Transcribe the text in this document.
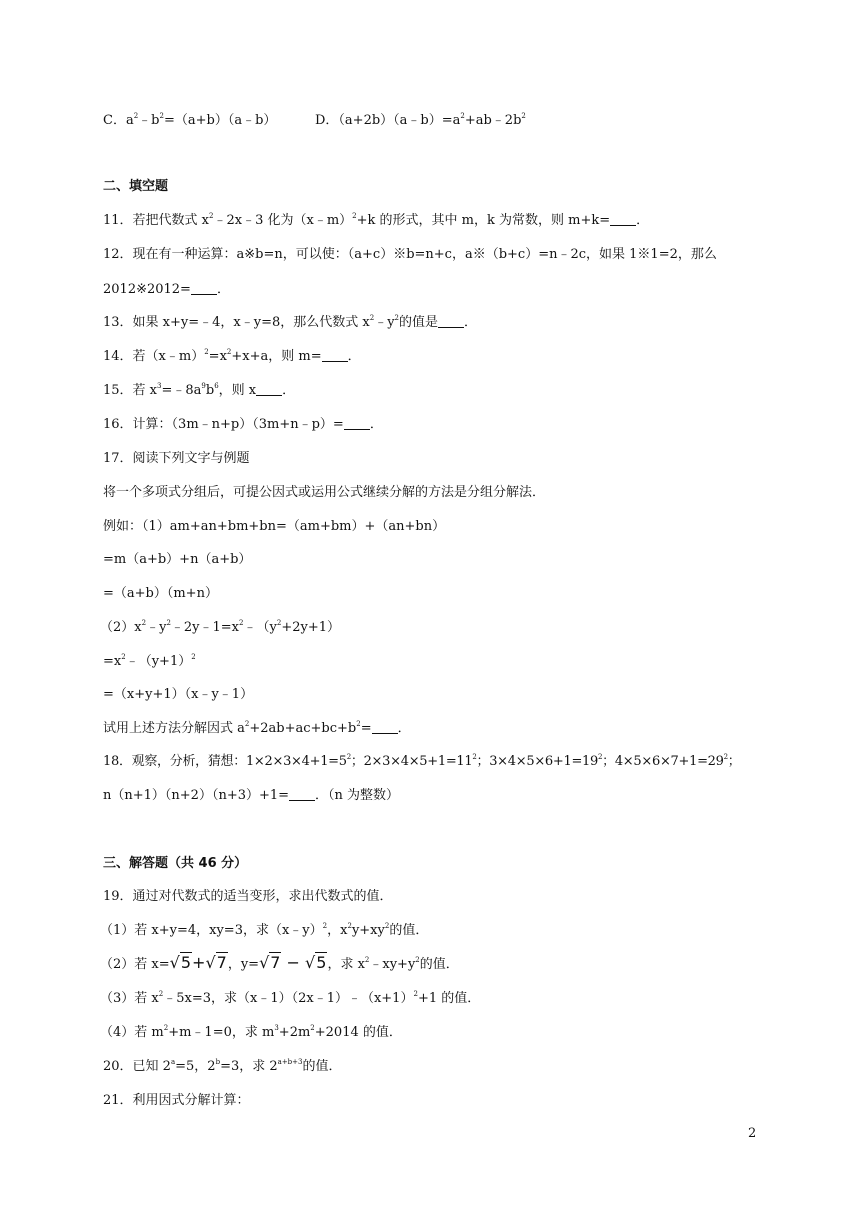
C．$a^2﹣b^2=(a+b)(a﹣b)$	D．$(a+2b)(a﹣b)=a^2+ab﹣2b^2$
二、填空题
11．若把代数式 $x^2﹣2x﹣3$ 化为（x﹣m）$^2$+k 的形式，其中 m，k 为常数，则 m+k= ．
12．现在有一种运算：a※b=n，可以使：（a+c）※b=n+c，a※（b+c）=n﹣2c，如果 1※1=2，那么
2012※2012= ．
13．如果 x+y=﹣4，x﹣y=8，那么代数式 $x^2﹣y^2$的值是 ．
14．若$(x﹣m)^2=x^2+x+a$，则 m= ．
15．若 $x^3=﹣8a^9b^6$，则 x ．
16．计算：（3m﹣n+p）（3m+n﹣p）= ．
17．阅读下列文字与例题
将一个多项式分组后，可提公因式或运用公式继续分解的方法是分组分解法．
例如：（1）am+an+bm+bn=（am+bm）+（an+bn）
=m（a+b）+n（a+b）
=（a+b）（m+n）
$(2)x^2﹣y^2﹣2y﹣1=x^2﹣(y^2+2y+1)$
$=x^2﹣(y+1)^2$
=（x+y+1）（x﹣y﹣1）
试用上述方法分解因式 $a^2+2ab+ac+bc+b^2=$ ．
18．观察，分析，猜想：$1\times 2\times 3\times 4+1=5^2$；$2\times 3\times 4\times 5+1=11^2$；$3\times 4\times 5\times 6+1=19^2$；$4\times 5\times 6\times 7+1=29^2$；
n（n+1）（n+2）（n+3）+1= ．（n 为整数）
三、解答题（共 46 分）
19．通过对代数式的适当变形，求出代数式的值．
（1）若 x+y=4，xy=3，求（x﹣y）$^2$，$x^2y+xy^2$的值．
（2）若 x=√5+√7，y=√7 − √5，求 $x^2﹣xy+y^2$的值．
（3）若 $x^2﹣5x=3$，求$(x﹣1)(2x﹣1)﹣(x+1)^2+1$ 的值．
（4）若 $m^2+m﹣1=0$，求 $m^3+2m^2+2014$ 的值．
20．已知 $2^a=5$，$2^b=3$，求 $2^{a+b+3}$的值．
21．利用因式分解计算：
2
